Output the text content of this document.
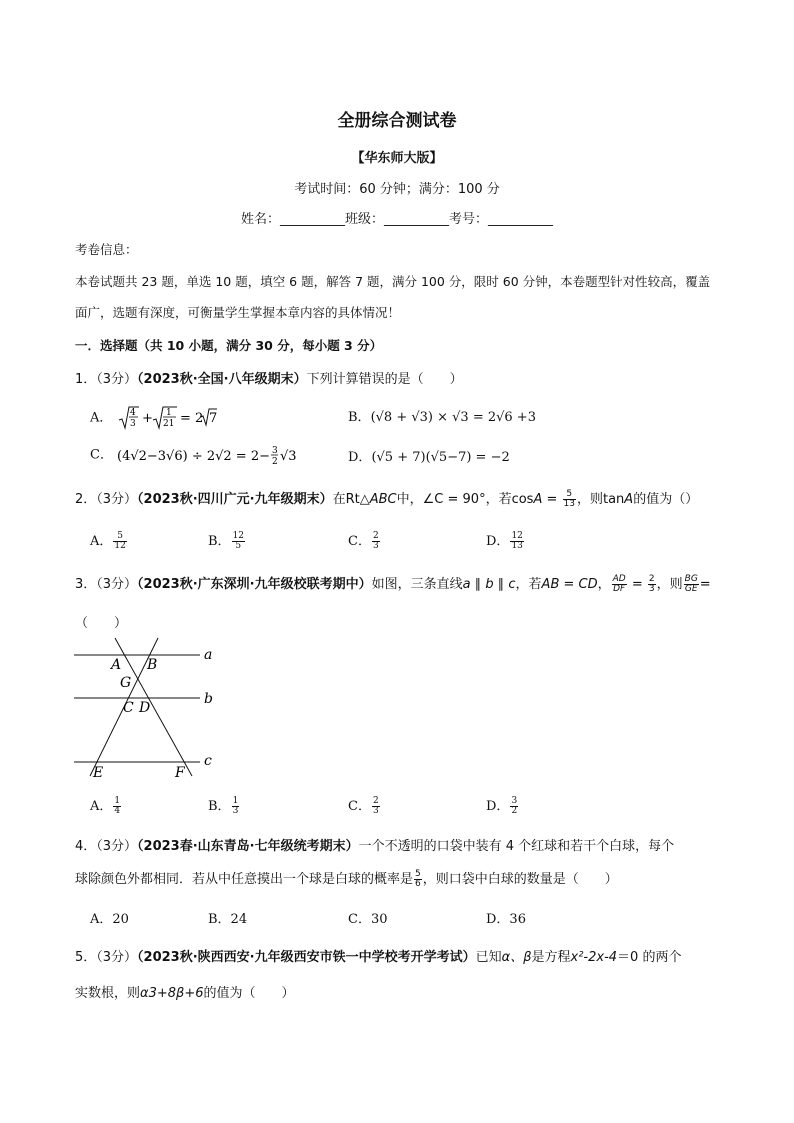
全册综合测试卷
【华东师大版】
考试时间：60 分钟；满分：100 分
姓名：__________班级：__________考号：__________
考卷信息：
本卷试题共 23 题，单选 10 题，填空 6 题，解答 7 题，满分 100 分，限时 60 分钟，本卷题型针对性较高，覆盖
面广，选题有深度，可衡量学生掌握本章内容的具体情况！
一．选择题（共 10 小题，满分 30 分，每小题 3 分）
1．（3分）（2023秋·全国·八年级期末）下列计算错误的是（　　）
A． 4
3 + 1
21 = 2 7	B．(√8 + √3) × √3 = 2√6 +3
C． (4√2−3√6) ÷ 2√2 = 2− 3
2 √3	D．(√5 + 7)(√5−7) = −2
2．（3分）（2023秋·四川广元·九年级期末）在Rt△ABC中，∠C = 90°，若$\cos A = \frac{5}{13}$ ，则tanA的值为（）
A． $\frac{5}{12}$	B． $\frac{12}{5}$	C． $\frac{2}{3}$	D． $\frac{12}{13}$
3．（3分）（2023秋·广东深圳·九年级校联考期中）如图，三条直线a ∥ b ∥ c，若AB = CD， $\frac{AD}{DF} = \frac{2}{3}$ ，则 $\frac{BG}{GE}$ =
（　　）
a
b
c
A B
G
C D
E	F
A． $\frac{1}{4}$	B． $\frac{1}{3}$	C． $\frac{2}{3}$	D． $\frac{3}{2}$
4．（3分）（2023春·山东青岛·七年级统考期末）一个不透明的口袋中装有 4 个红球和若干个白球，每个
球除颜色外都相同．若从中任意摸出一个球是白球的概率是 $\frac{5}{6}$ ，则口袋中白球的数量是（　　）
A．20	B．24	C．30	D．36
5．（3分）（2023秋·陕西西安·九年级西安市铁一中学校考开学考试）已知α、β是方程x²-2x-4＝0 的两个
实数根，则α3+8β+6的值为（　　）
